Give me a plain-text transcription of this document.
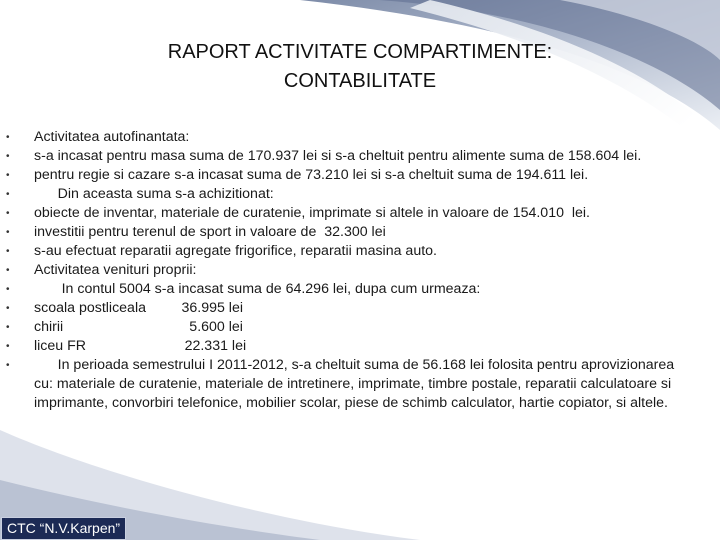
RAPORT ACTIVITATE COMPARTIMENTE:
CONTABILITATE
•	Activitatea autofinantata:
•	s-a incasat pentru masa suma de 170.937 lei si s-a cheltuit pentru alimente suma de 158.604 lei.
•	pentru regie si cazare s-a incasat suma de 73.210 lei si s-a cheltuit suma de 194.611 lei.
•	Din aceasta suma s-a achizitionat:
•	obiecte de inventar, materiale de curatenie, imprimate si altele in valoare de 154.010  lei.
•	investitii pentru terenul de sport in valoare de  32.300 lei
•	s-au efectuat reparatii agregate frigorifice, reparatii masina auto.
•	Activitatea venituri proprii:
•	In contul 5004 s-a incasat suma de 64.296 lei, dupa cum urmeaza:
•	scoala postliceala         36.995 lei
•	chirii                                5.600 lei
•	liceu FR                         22.331 lei
•	In perioada semestrului I 2011-2012, s-a cheltuit suma de 56.168 lei folosita pentru aprovizionarea cu: materiale de curatenie, materiale de intretinere, imprimate, timbre postale, reparatii calculatoare si imprimante, convorbiri telefonice, mobilier scolar, piese de schimb calculator, hartie copiator, si altele.
CTC “N.V.Karpen”
